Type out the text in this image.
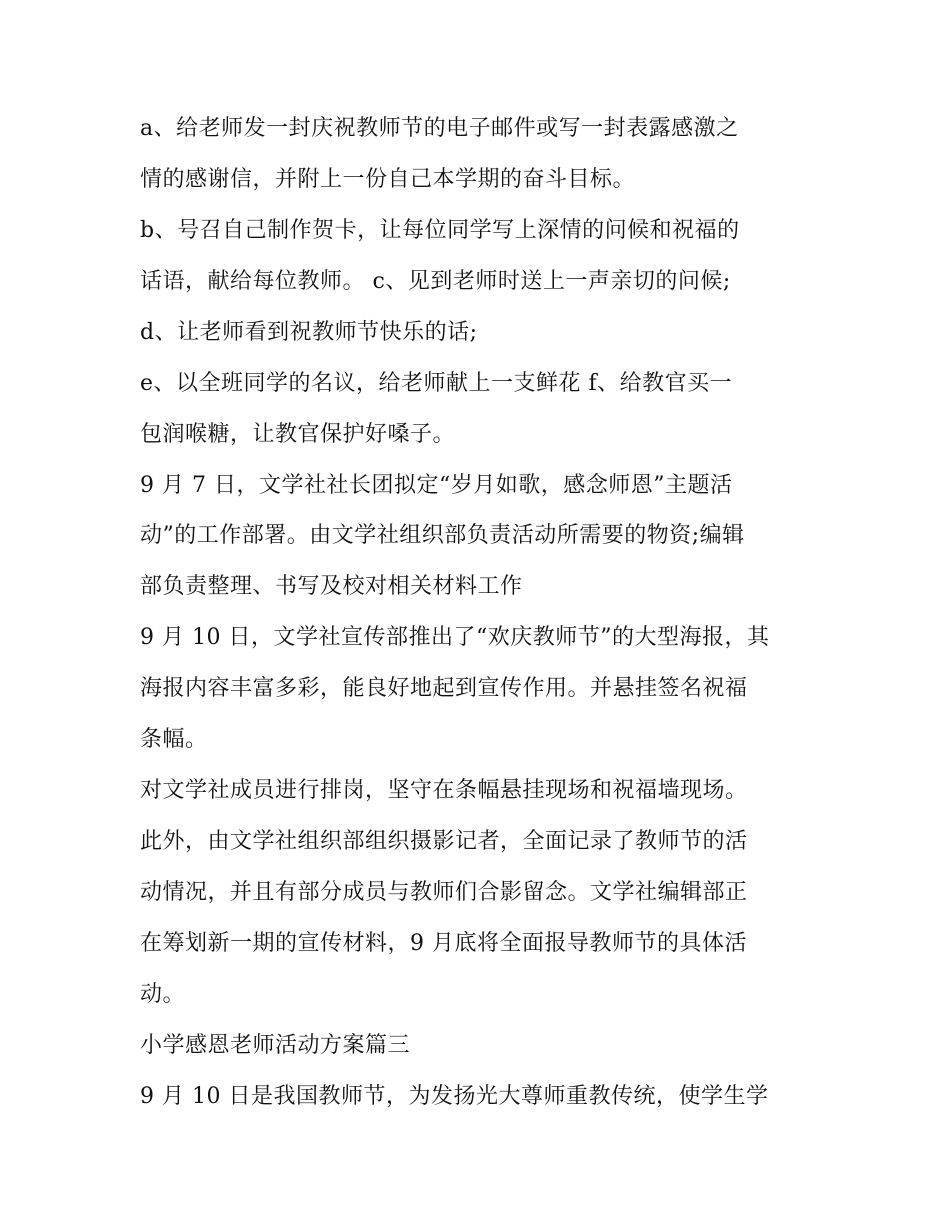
a、给老师发一封庆祝教师节的电子邮件或写一封表露感激之
情的感谢信，并附上一份自己本学期的奋斗目标。
b、号召自己制作贺卡，让每位同学写上深情的问候和祝福的
话语，献给每位教师。 c、见到老师时送上一声亲切的问候;
d、让老师看到祝教师节快乐的话;
e、以全班同学的名议，给老师献上一支鲜花 f、给教官买一
包润喉糖，让教官保护好嗓子。
9 月 7 日，文学社社长团拟定“岁月如歌，感念师恩”主题活
动”的工作部署。由文学社组织部负责活动所需要的物资;编辑
部负责整理、书写及校对相关材料工作
9 月 10 日，文学社宣传部推出了“欢庆教师节”的大型海报，其
海报内容丰富多彩，能良好地起到宣传作用。并悬挂签名祝福
条幅。
对文学社成员进行排岗，坚守在条幅悬挂现场和祝福墙现场。
此外，由文学社组织部组织摄影记者，全面记录了教师节的活
动情况，并且有部分成员与教师们合影留念。文学社编辑部正
在筹划新一期的宣传材料，9 月底将全面报导教师节的具体活
动。
小学感恩老师活动方案篇三
9 月 10 日是我国教师节，为发扬光大尊师重教传统，使学生学
